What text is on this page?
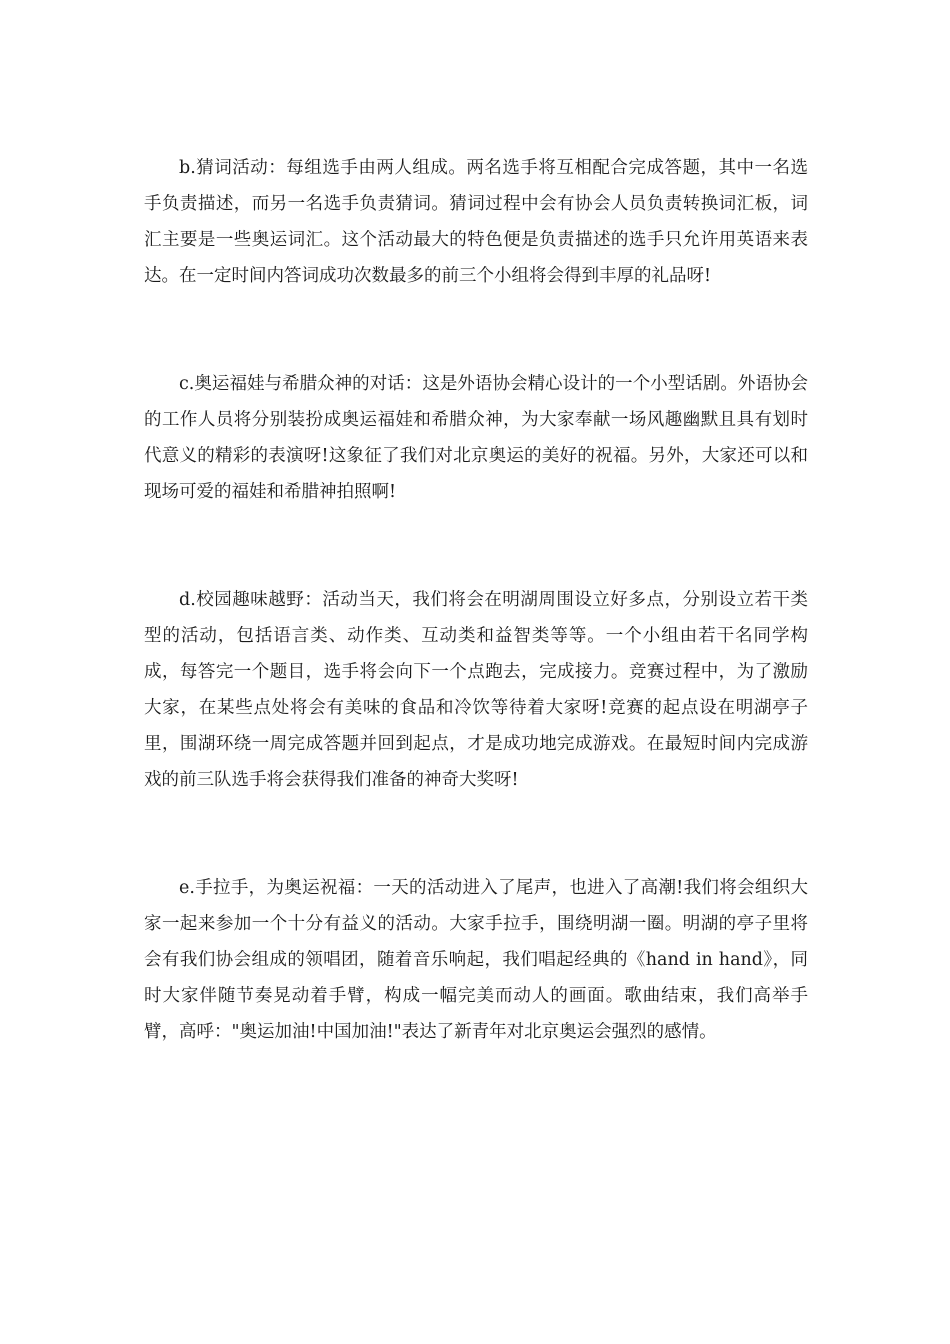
b.猜词活动：每组选手由两人组成。两名选手将互相配合完成答题，其中一名选手负责描述，而另一名选手负责猜词。猜词过程中会有协会人员负责转换词汇板，词汇主要是一些奥运词汇。这个活动最大的特色便是负责描述的选手只允许用英语来表达。在一定时间内答词成功次数最多的前三个小组将会得到丰厚的礼品呀!

c.奥运福娃与希腊众神的对话：这是外语协会精心设计的一个小型话剧。外语协会的工作人员将分别装扮成奥运福娃和希腊众神，为大家奉献一场风趣幽默且具有划时代意义的精彩的表演呀!这象征了我们对北京奥运的美好的祝福。另外，大家还可以和现场可爱的福娃和希腊神拍照啊!

d.校园趣味越野：活动当天，我们将会在明湖周围设立好多点，分别设立若干类型的活动，包括语言类、动作类、互动类和益智类等等。一个小组由若干名同学构成，每答完一个题目，选手将会向下一个点跑去，完成接力。竞赛过程中，为了激励大家，在某些点处将会有美味的食品和冷饮等待着大家呀!竞赛的起点设在明湖亭子里，围湖环绕一周完成答题并回到起点，才是成功地完成游戏。在最短时间内完成游戏的前三队选手将会获得我们准备的神奇大奖呀!

e.手拉手，为奥运祝福：一天的活动进入了尾声，也进入了高潮!我们将会组织大家一起来参加一个十分有益义的活动。大家手拉手，围绕明湖一圈。明湖的亭子里将会有我们协会组成的领唱团，随着音乐响起，我们唱起经典的《hand in hand》，同时大家伴随节奏晃动着手臂，构成一幅完美而动人的画面。歌曲结束，我们高举手臂，高呼："奥运加油!中国加油!"表达了新青年对北京奥运会强烈的感情。
